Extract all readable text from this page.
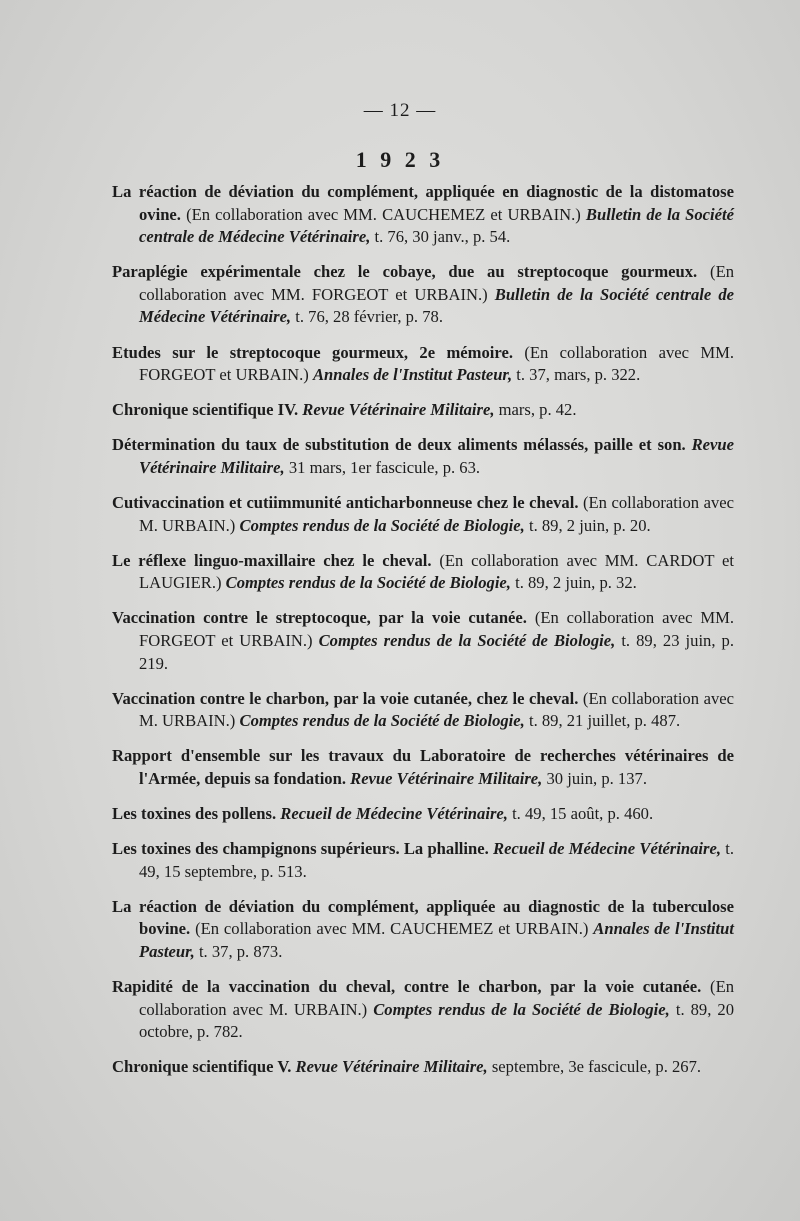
— 12 —
1 9 2 3

La réaction de déviation du complément, appliquée en diagnostic de la distomatose ovine. (En collaboration avec MM. CAUCHEMEZ et URBAIN.) Bulletin de la Société centrale de Médecine Vétérinaire, t. 76, 30 janv., p. 54.

Paraplégie expérimentale chez le cobaye, due au streptocoque gourmeux. (En collaboration avec MM. FORGEOT et URBAIN.) Bulletin de la Société centrale de Médecine Vétérinaire, t. 76, 28 février, p. 78.

Etudes sur le streptocoque gourmeux, 2e mémoire. (En collaboration avec MM. FORGEOT et URBAIN.) Annales de l'Institut Pasteur, t. 37, mars, p. 322.

Chronique scientifique IV. Revue Vétérinaire Militaire, mars, p. 42.

Détermination du taux de substitution de deux aliments mélassés, paille et son. Revue Vétérinaire Militaire, 31 mars, 1er fascicule, p. 63.

Cutivaccination et cutiimmunité anticharbonneuse chez le cheval. (En collaboration avec M. URBAIN.) Comptes rendus de la Société de Biologie, t. 89, 2 juin, p. 20.

Le réflexe linguo-maxillaire chez le cheval. (En collaboration avec MM. CARDOT et LAUGIER.) Comptes rendus de la Société de Biologie, t. 89, 2 juin, p. 32.

Vaccination contre le streptocoque, par la voie cutanée. (En collaboration avec MM. FORGEOT et URBAIN.) Comptes rendus de la Société de Biologie, t. 89, 23 juin, p. 219.

Vaccination contre le charbon, par la voie cutanée, chez le cheval. (En collaboration avec M. URBAIN.) Comptes rendus de la Société de Biologie, t. 89, 21 juillet, p. 487.

Rapport d'ensemble sur les travaux du Laboratoire de recherches vétérinaires de l'Armée, depuis sa fondation. Revue Vétérinaire Militaire, 30 juin, p. 137.

Les toxines des pollens. Recueil de Médecine Vétérinaire, t. 49, 15 août, p. 460.

Les toxines des champignons supérieurs. La phalline. Recueil de Médecine Vétérinaire, t. 49, 15 septembre, p. 513.

La réaction de déviation du complément, appliquée au diagnostic de la tuberculose bovine. (En collaboration avec MM. CAUCHEMEZ et URBAIN.) Annales de l'Institut Pasteur, t. 37, p. 873.

Rapidité de la vaccination du cheval, contre le charbon, par la voie cutanée. (En collaboration avec M. URBAIN.) Comptes rendus de la Société de Biologie, t. 89, 20 octobre, p. 782.

Chronique scientifique V. Revue Vétérinaire Militaire, septembre, 3e fascicule, p. 267.
